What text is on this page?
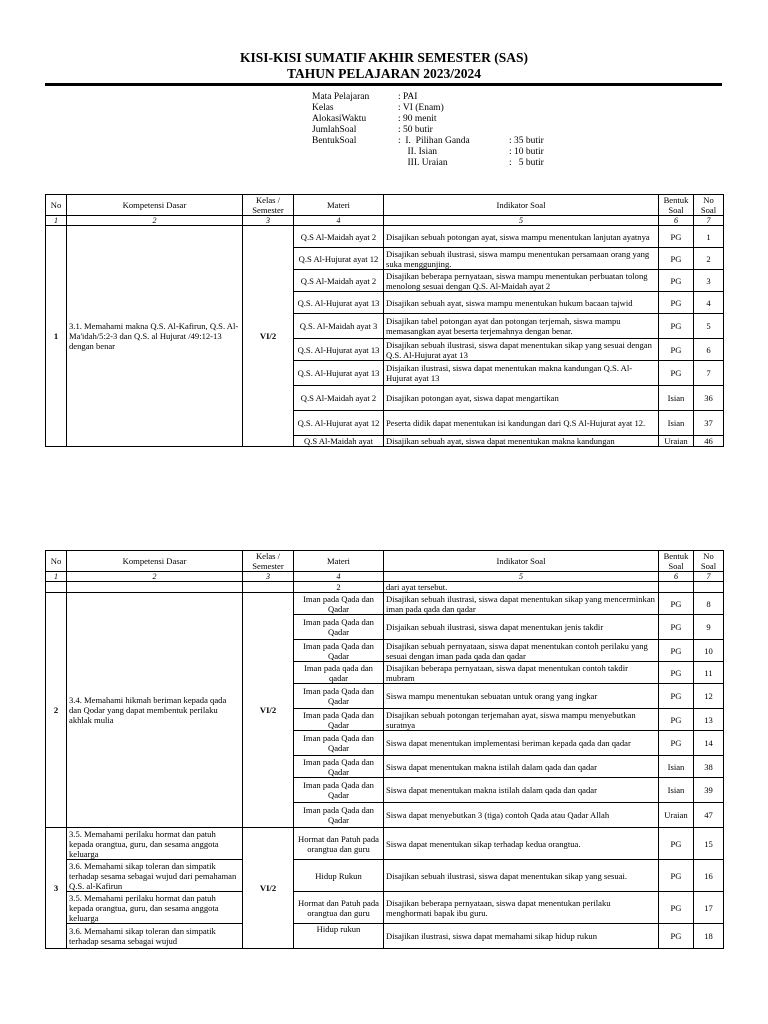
KISI-KISI SUMATIF AKHIR SEMESTER (SAS)
TAHUN PELAJARAN 2023/2024
Mata Pelajaran	: PAI
Kelas	: VI (Enam)
AlokasiWaktu	: 90 menit
JumlahSoal	: 50 butir
BentukSoal	:  I.  Pilihan Ganda	: 35 butir
II. Isian	: 10 butir
III. Uraian	:   5 butir
No	Kompetensi Dasar	Kelas / Semester	Materi	Indikator Soal	Bentuk Soal	No Soal
1	2	3	4	5	6	7
1	3.1. Memahami makna Q.S. Al-Kafirun, Q.S. Al-Ma'idah/5:2-3 dan Q.S. al Hujurat /49:12-13 dengan benar	VI/2	Q.S Al-Maidah ayat 2	Disajikan sebuah potongan ayat, siswa mampu menentukan lanjutan ayatnya	PG	1
			Q.S Al-Hujurat ayat 12	Disajikan sebuah ilustrasi, siswa mampu menentukan persamaan orang yang suka menggunjing.	PG	2
			Q.S Al-Maidah ayat 2	Disajikan beberapa pernyataan, siswa mampu menentukan perbuatan tolong menolong sesuai dengan Q.S. Al-Maidah ayat 2	PG	3
			Q.S. Al-Hujurat ayat 13	Disajikan sebuah ayat, siswa mampu menentukan hukum bacaan tajwid	PG	4
			Q.S. Al-Maidah ayat 3	Disajikan tabel potongan ayat dan potongan terjemah, siswa mampu memasangkan ayat beserta terjemahnya dengan benar.	PG	5
			Q.S. Al-Hujurat ayat 13	Disajikan sebuah ilustrasi, siswa dapat menentukan sikap yang sesuai dengan Q.S. Al-Hujurat ayat 13	PG	6
			Q.S. Al-Hujurat ayat 13	Disjaikan ilustrasi, siswa dapat menentukan makna kandungan Q.S. Al-Hujurat ayat 13	PG	7
			Q.S Al-Maidah ayat 2	Disajikan potongan ayat, siswa dapat mengartikan	Isian	36
			Q.S. Al-Hujurat ayat 12	Peserta didik dapat menentukan isi kandungan dari Q.S Al-Hujurat ayat 12.	Isian	37
			Q.S Al-Maidah ayat	Disajikan sebuah ayat, siswa dapat menentukan makna kandungan	Uraian	46
No	Kompetensi Dasar	Kelas / Semester	Materi	Indikator Soal	Bentuk Soal	No Soal
1	2	3	4	5	6	7
			2	dari ayat tersebut.		
2	3.4. Memahami hikmah beriman kepada qada dan Qodar yang dapat membentuk perilaku akhlak mulia	VI/2	Iman pada Qada dan Qadar	Disajikan sebuah ilustrasi, siswa dapat menentukan sikap yang mencerminkan iman pada qada dan qadar	PG	8
			Iman pada Qada dan Qadar	Disjaikan sebuah ilustrasi, siswa dapat menentukan jenis takdir	PG	9
			Iman pada Qada dan Qadar	Disajikan sebuah pernyataan, siswa dapat menentukan contoh perilaku yang sesuai dengan iman pada qada dan qadar	PG	10
			Iman pada qada dan qadar	Disajikan beberapa pernyataan, siswa dapat menentukan contoh takdir mubram	PG	11
			Iman pada Qada dan Qadar	Siswa mampu menentukan sebuatan untuk orang yang ingkar	PG	12
			Iman pada Qada dan Qadar	Disajikan sebuah potongan terjemahan ayat, siswa mampu menyebutkan suratnya	PG	13
			Iman pada Qada dan Qadar	Siswa dapat menentukan implementasi beriman kepada qada dan qadar	PG	14
			Iman pada Qada dan Qadar	Siswa dapat menentukan makna istilah dalam qada dan qadar	Isian	38
			Iman pada Qada dan Qadar	Siswa dapat menentukan makna istilah dalam qada dan qadar	Isian	39
			Iman pada Qada dan Qadar	Siswa dapat menyebutkan 3 (tiga) contoh Qada atau Qadar Allah	Uraian	47
3	3.5. Memahami perilaku hormat dan patuh kepada orangtua, guru, dan sesama anggota keluarga	VI/2	Hormat dan Patuh pada orangtua dan guru	Siswa dapat menentukan sikap terhadap kedua orangtua.	PG	15
	3.6. Memahami sikap toleran dan simpatik terhadap sesama sebagai wujud dari pemahaman Q.S. al-Kafirun		Hidup Rukun	Disajikan sebuah ilustrasi, siswa dapat menentukan sikap yang sesuai.	PG	16
	3.5. Memahami perilaku hormat dan patuh kepada orangtua, guru, dan sesama anggota keluarga		Hormat dan Patuh pada orangtua dan guru	Disajikan beberapa pernyataan, siswa dapat menentukan perilaku menghormati bapak ibu guru.	PG	17
	3.6. Memahami sikap toleran dan simpatik terhadap sesama sebagai wujud		Hidup rukun	Disajikan ilustrasi, siswa dapat memahami sikap hidup rukun	PG	18
